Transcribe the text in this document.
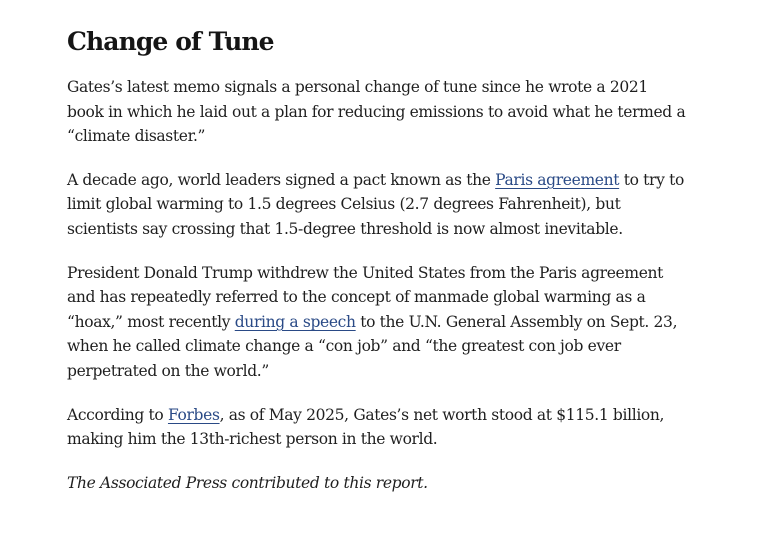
Change of Tune

Gates’s latest memo signals a personal change of tune since he wrote a 2021 book in which he laid out a plan for reducing emissions to avoid what he termed a “climate disaster.”

A decade ago, world leaders signed a pact known as the Paris agreement to try to limit global warming to 1.5 degrees Celsius (2.7 degrees Fahrenheit), but scientists say crossing that 1.5-degree threshold is now almost inevitable.

President Donald Trump withdrew the United States from the Paris agreement and has repeatedly referred to the concept of manmade global warming as a “hoax,” most recently during a speech to the U.N. General Assembly on Sept. 23, when he called climate change a “con job” and “the greatest con job ever perpetrated on the world.”

According to Forbes, as of May 2025, Gates’s net worth stood at $115.1 billion, making him the 13th-richest person in the world.

The Associated Press contributed to this report.
